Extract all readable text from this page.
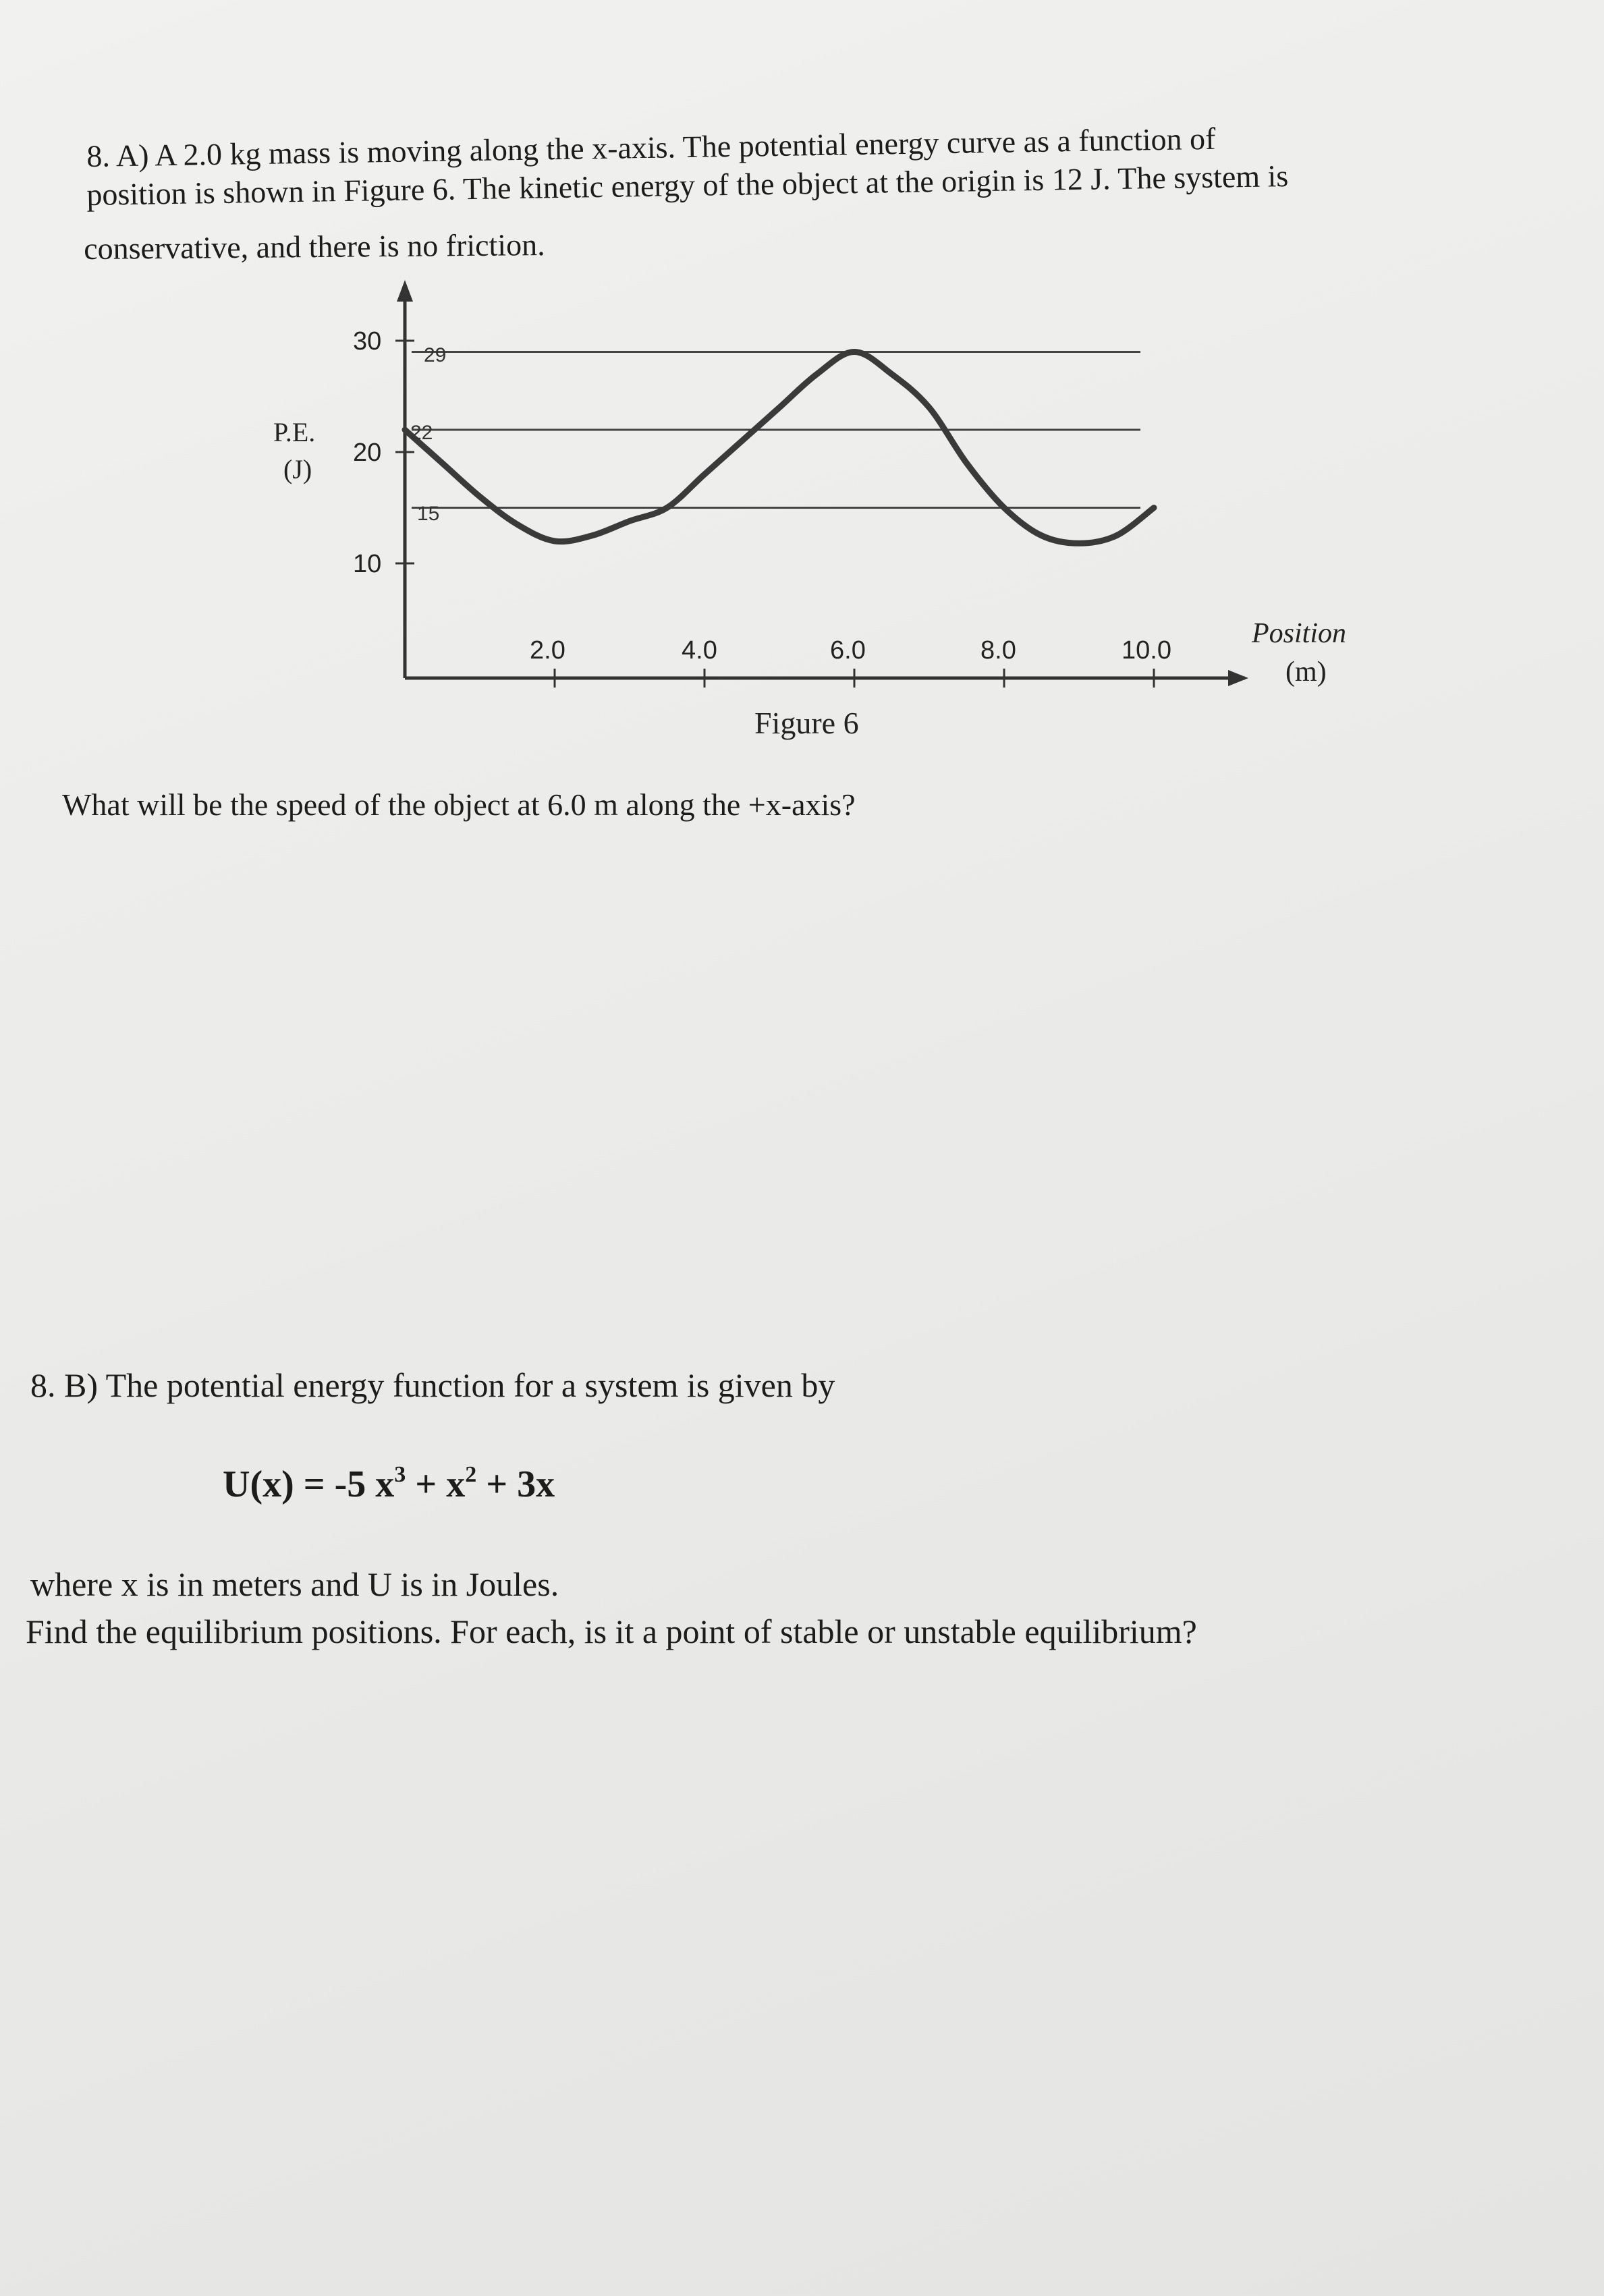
8. A) A 2.0 kg mass is moving along the x-axis. The potential energy curve as a function of
position is shown in Figure 6. The kinetic energy of the object at the origin is 12 J. The system is
conservative, and there is no friction.
P.E.
(J)
Position
(m)
30
20
10
29
22
15
2.0	4.0	6.0	8.0	10.0
Figure 6
What will be the speed of the object at 6.0 m along the +x-axis?
8. B) The potential energy function for a system is given by
U(x) = -5 $x^3 + x^2 + 3x$
where x is in meters and U is in Joules.
Find the equilibrium positions. For each, is it a point of stable or unstable equilibrium?
